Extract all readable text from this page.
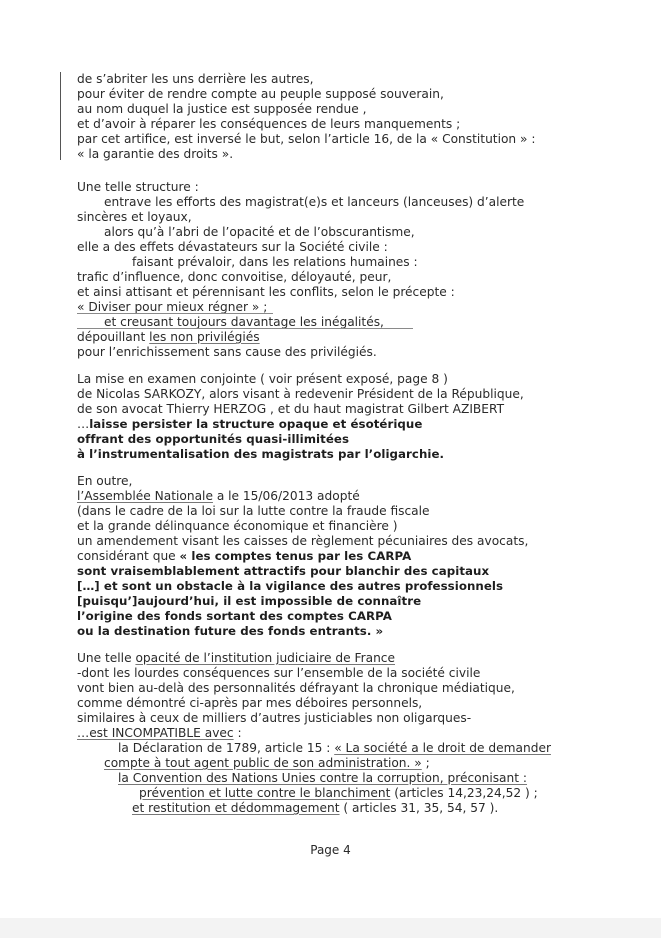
de s’abriter les uns derrière les autres,
pour éviter de rendre compte au peuple supposé souverain,
au nom duquel la justice est supposée rendue ,
et d’avoir à réparer les conséquences de leurs manquements ;
par cet artifice, est inversé le but, selon l’article 16, de la « Constitution » :
« la garantie des droits ».
Une telle structure :
entrave les efforts des magistrat(e)s et lanceurs (lanceuses) d’alerte
sincères et loyaux,
alors qu’à l’abri de l’opacité et de l’obscurantisme,
elle a des effets dévastateurs sur la Société civile :
faisant prévaloir, dans les relations humaines :
trafic d’influence, donc convoitise, déloyauté, peur,
et ainsi attisant et pérennisant les conflits, selon le précepte :
« Diviser pour mieux régner » ;
et creusant toujours davantage les inégalités,
dépouillant les non privilégiés
pour l’enrichissement sans cause des privilégiés.
La mise en examen conjointe ( voir présent exposé, page 8 )
de Nicolas SARKOZY, alors visant à redevenir Président de la République,
de son avocat Thierry HERZOG , et du haut magistrat Gilbert AZIBERT
…laisse persister la structure opaque et ésotérique
offrant des opportunités quasi-illimitées
à l’instrumentalisation des magistrats par l’oligarchie.
En outre,
l’Assemblée Nationale a le 15/06/2013 adopté
(dans le cadre de la loi sur la lutte contre la fraude fiscale
et la grande délinquance économique et financière )
un amendement visant les caisses de règlement pécuniaires des avocats,
considérant que « les comptes tenus par les CARPA
sont vraisemblablement attractifs pour blanchir des capitaux
[…] et sont un obstacle à la vigilance des autres professionnels
[puisqu’]aujourd’hui, il est impossible de connaître
l’origine des fonds sortant des comptes CARPA
ou la destination future des fonds entrants. »
Une telle opacité de l’institution judiciaire de France
-dont les lourdes conséquences sur l’ensemble de la société civile
vont bien au-delà des personnalités défrayant la chronique médiatique,
comme démontré ci-après par mes déboires personnels,
similaires à ceux de milliers d’autres justiciables non oligarques-
…est INCOMPATIBLE avec :
la Déclaration de 1789, article 15 : « La société a le droit de demander
compte à tout agent public de son administration. » ;
la Convention des Nations Unies contre la corruption, préconisant :
prévention et lutte contre le blanchiment (articles 14,23,24,52 ) ;
et restitution et dédommagement ( articles 31, 35, 54, 57 ).
Page 4
